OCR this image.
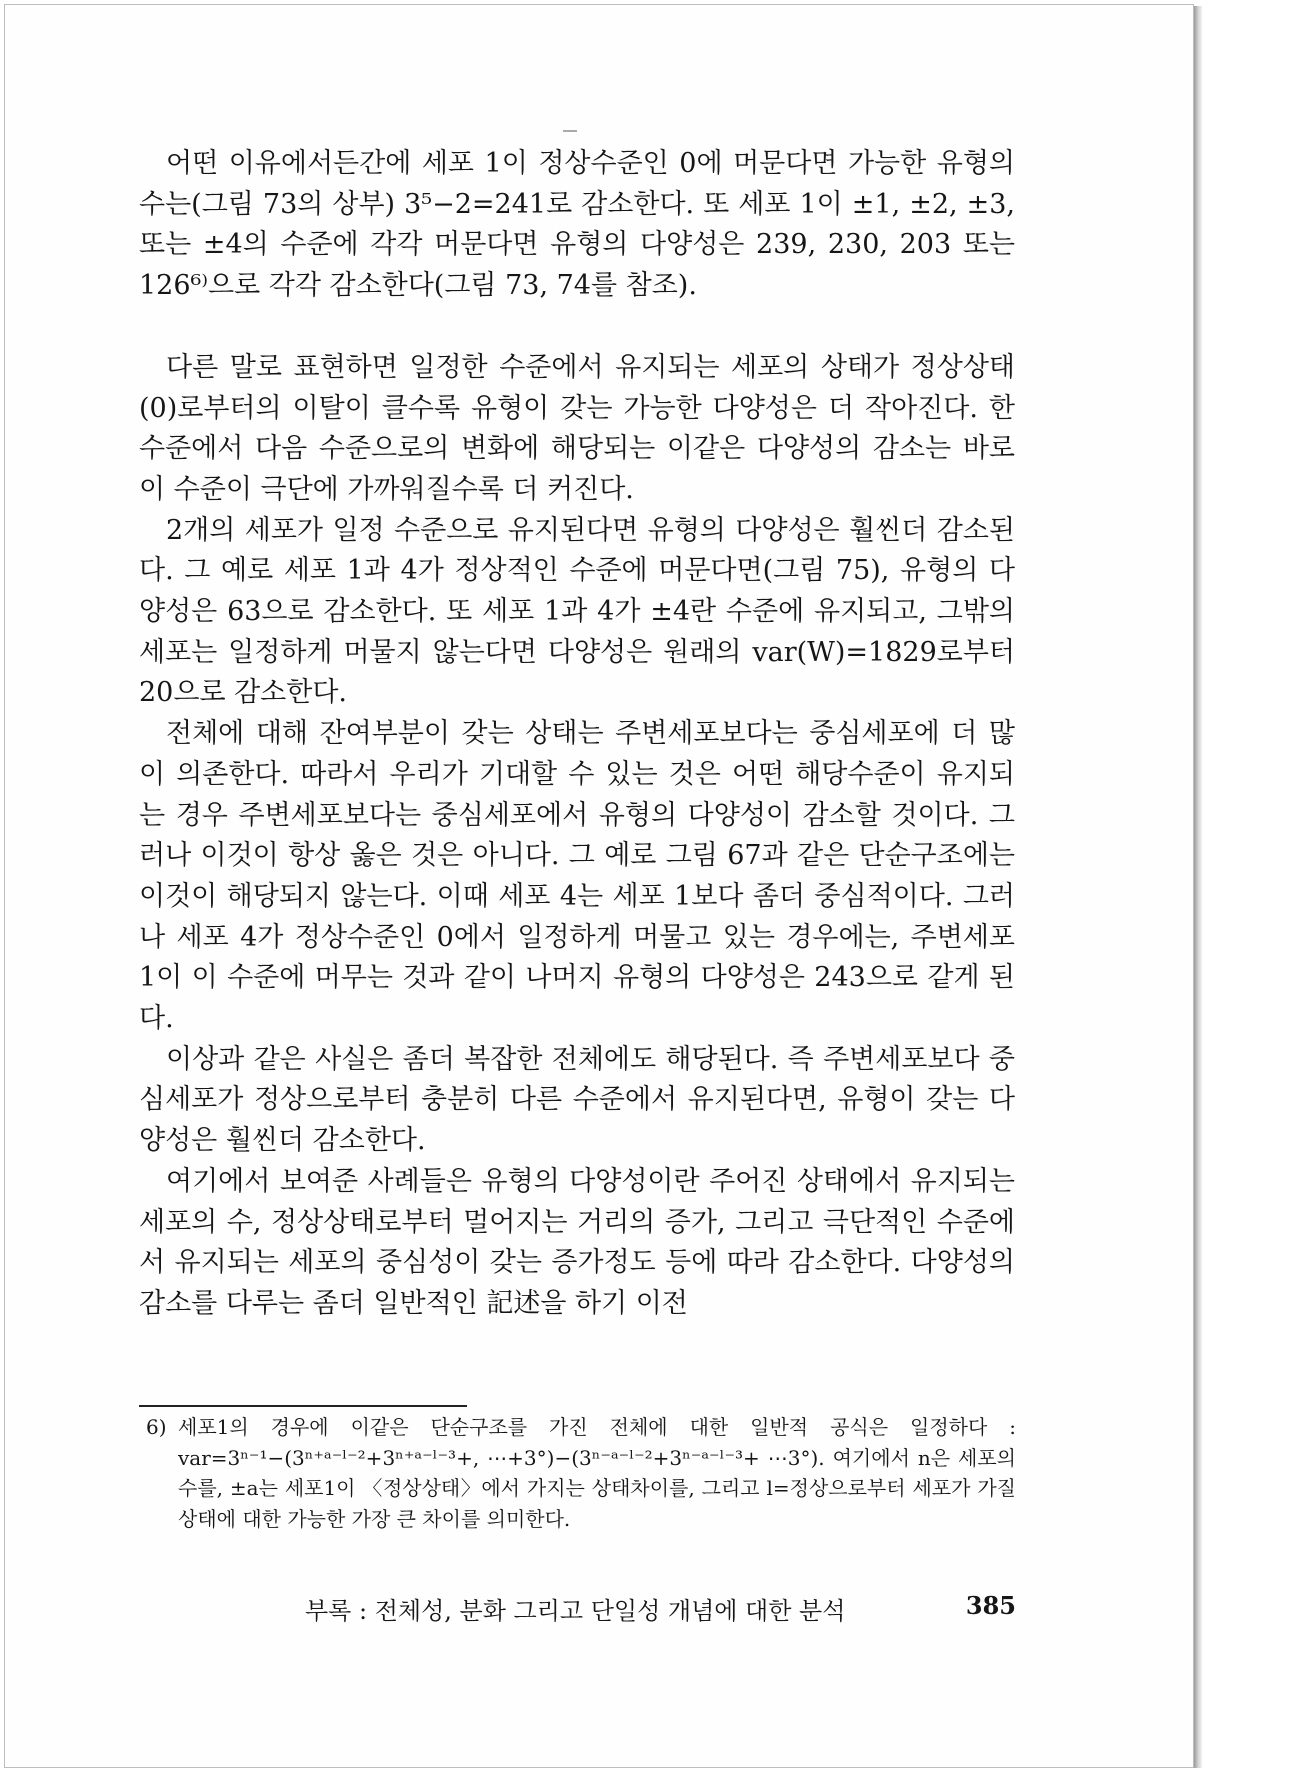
어떤 이유에서든간에 세포 1이 정상수준인 0에 머문다면 가능한 유형의 수는(그림 73의 상부) 3⁵−2=241로 감소한다. 또 세포 1이 ±1, ±2, ±3, 또는 ±4의 수준에 각각 머문다면 유형의 다양성은 239, 230, 203 또는 126⁶⁾으로 각각 감소한다(그림 73, 74를 참조).

다른 말로 표현하면 일정한 수준에서 유지되는 세포의 상태가 정상상태(0)로부터의 이탈이 클수록 유형이 갖는 가능한 다양성은 더 작아진다. 한 수준에서 다음 수준으로의 변화에 해당되는 이같은 다양성의 감소는 바로 이 수준이 극단에 가까워질수록 더 커진다.

2개의 세포가 일정 수준으로 유지된다면 유형의 다양성은 훨씬더 감소된다. 그 예로 세포 1과 4가 정상적인 수준에 머문다면(그림 75), 유형의 다양성은 63으로 감소한다. 또 세포 1과 4가 ±4란 수준에 유지되고, 그밖의 세포는 일정하게 머물지 않는다면 다양성은 원래의 var(W)=1829로부터 20으로 감소한다.

전체에 대해 잔여부분이 갖는 상태는 주변세포보다는 중심세포에 더 많이 의존한다. 따라서 우리가 기대할 수 있는 것은 어떤 해당수준이 유지되는 경우 주변세포보다는 중심세포에서 유형의 다양성이 감소할 것이다. 그러나 이것이 항상 옳은 것은 아니다. 그 예로 그림 67과 같은 단순구조에는 이것이 해당되지 않는다. 이때 세포 4는 세포 1보다 좀더 중심적이다. 그러나 세포 4가 정상수준인 0에서 일정하게 머물고 있는 경우에는, 주변세포 1이 이 수준에 머무는 것과 같이 나머지 유형의 다양성은 243으로 같게 된다.

이상과 같은 사실은 좀더 복잡한 전체에도 해당된다. 즉 주변세포보다 중심세포가 정상으로부터 충분히 다른 수준에서 유지된다면, 유형이 갖는 다양성은 훨씬더 감소한다.

여기에서 보여준 사례들은 유형의 다양성이란 주어진 상태에서 유지되는 세포의 수, 정상상태로부터 멀어지는 거리의 증가, 그리고 극단적인 수준에서 유지되는 세포의 중심성이 갖는 증가정도 등에 따라 감소한다. 다양성의 감소를 다루는 좀더 일반적인 記述을 하기 이전

6) 세포1의 경우에 이같은 단순구조를 가진 전체에 대한 일반적 공식은 일정하다 : var=3ⁿ⁻¹−(3ⁿ⁺ᵃ⁻ˡ⁻²+3ⁿ⁺ᵃ⁻ˡ⁻³+, ⋯+3°)−(3ⁿ⁻ᵃ⁻ˡ⁻²+3ⁿ⁻ᵃ⁻ˡ⁻³+ ⋯3°). 여기에서 n은 세포의 수를, ±a는 세포1이 〈정상상태〉에서 가지는 상태차이를, 그리고 l=정상으로부터 세포가 가질 상태에 대한 가능한 가장 큰 차이를 의미한다.

부록 : 전체성, 분화 그리고 단일성 개념에 대한 분석	385
